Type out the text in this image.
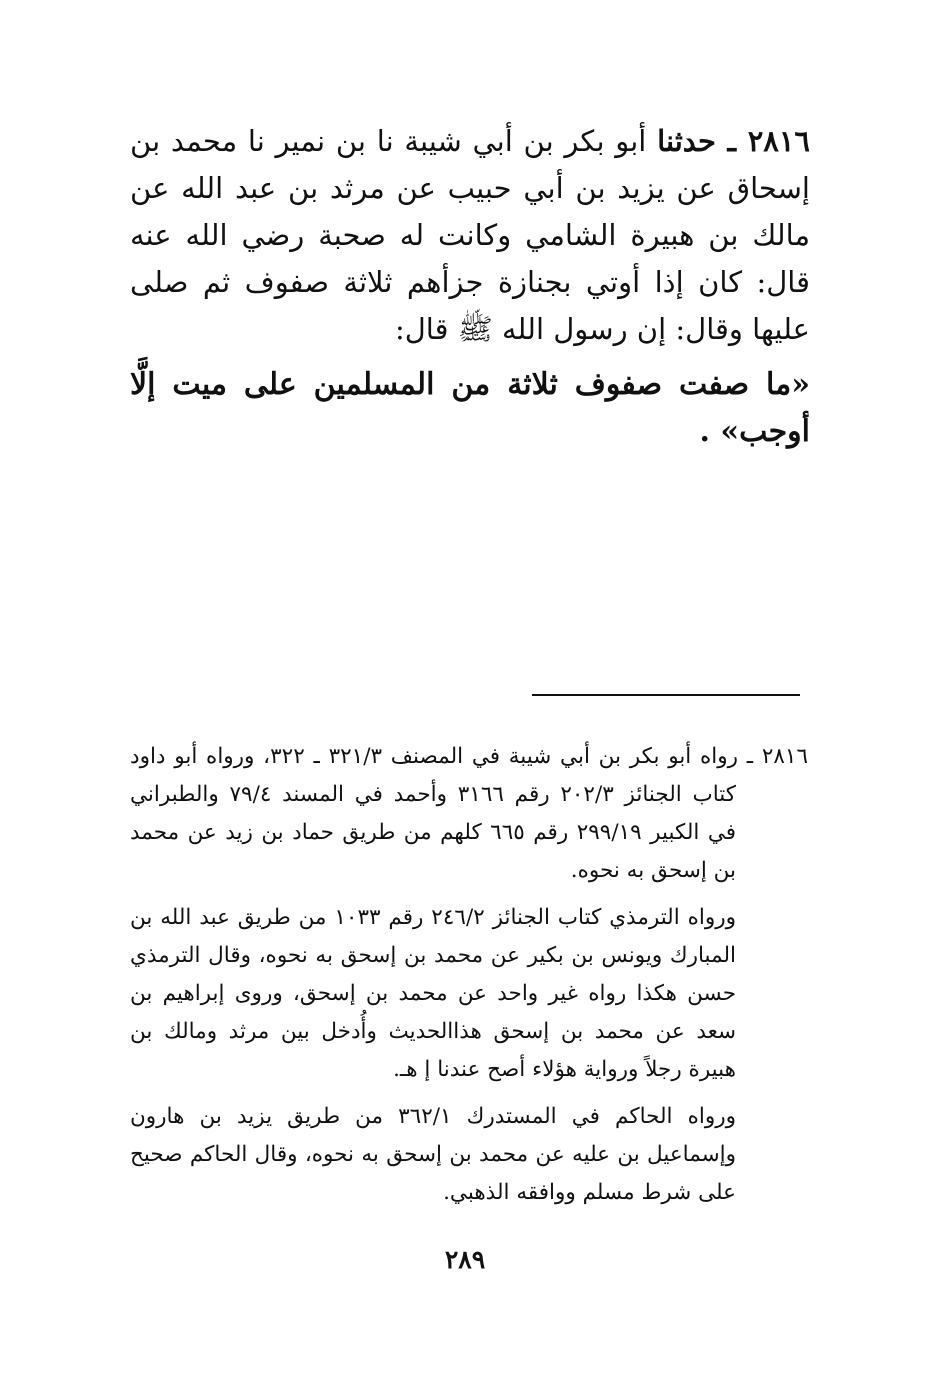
٢٨١٦ ـ حدثنا أبو بكر بن أبي شيبة نا بن نمير نا محمد بن إسحاق عن يزيد بن أبي حبيب عن مرثد بن عبد الله عن مالك بن هبيرة الشامي وكانت له صحبة رضي الله عنه قال: كان إذا أوتي بجنازة جزأهم ثلاثة صفوف ثم صلى عليها وقال: إن رسول الله ﷺ قال:

«ما صفت صفوف ثلاثة من المسلمين على ميت إلَّا أوجب» .

٢٨١٦ ـ رواه أبو بكر بن أبي شيبة في المصنف ٣٢١/٣ ـ ٣٢٢، ورواه أبو داود كتاب الجنائز ٢٠٢/٣ رقم ٣١٦٦ وأحمد في المسند ٧٩/٤ والطبراني في الكبير ٢٩٩/١٩ رقم ٦٦٥ كلهم من طريق حماد بن زيد عن محمد بن إسحق به نحوه.

ورواه الترمذي كتاب الجنائز ٢٤٦/٢ رقم ١٠٣٣ من طريق عبد الله بن المبارك ويونس بن بكير عن محمد بن إسحق به نحوه، وقال الترمذي حسن هكذا رواه غير واحد عن محمد بن إسحق، وروى إبراهيم بن سعد عن محمد بن إسحق هذاالحديث وأُدخل بين مرثد ومالك بن هبيرة رجلاً ورواية هؤلاء أصح عندنا إ هـ.

ورواه الحاكم في المستدرك ٣٦٢/١ من طريق يزيد بن هارون وإسماعيل بن عليه عن محمد بن إسحق به نحوه، وقال الحاكم صحيح على شرط مسلم ووافقه الذهبي.

٢٨٩
